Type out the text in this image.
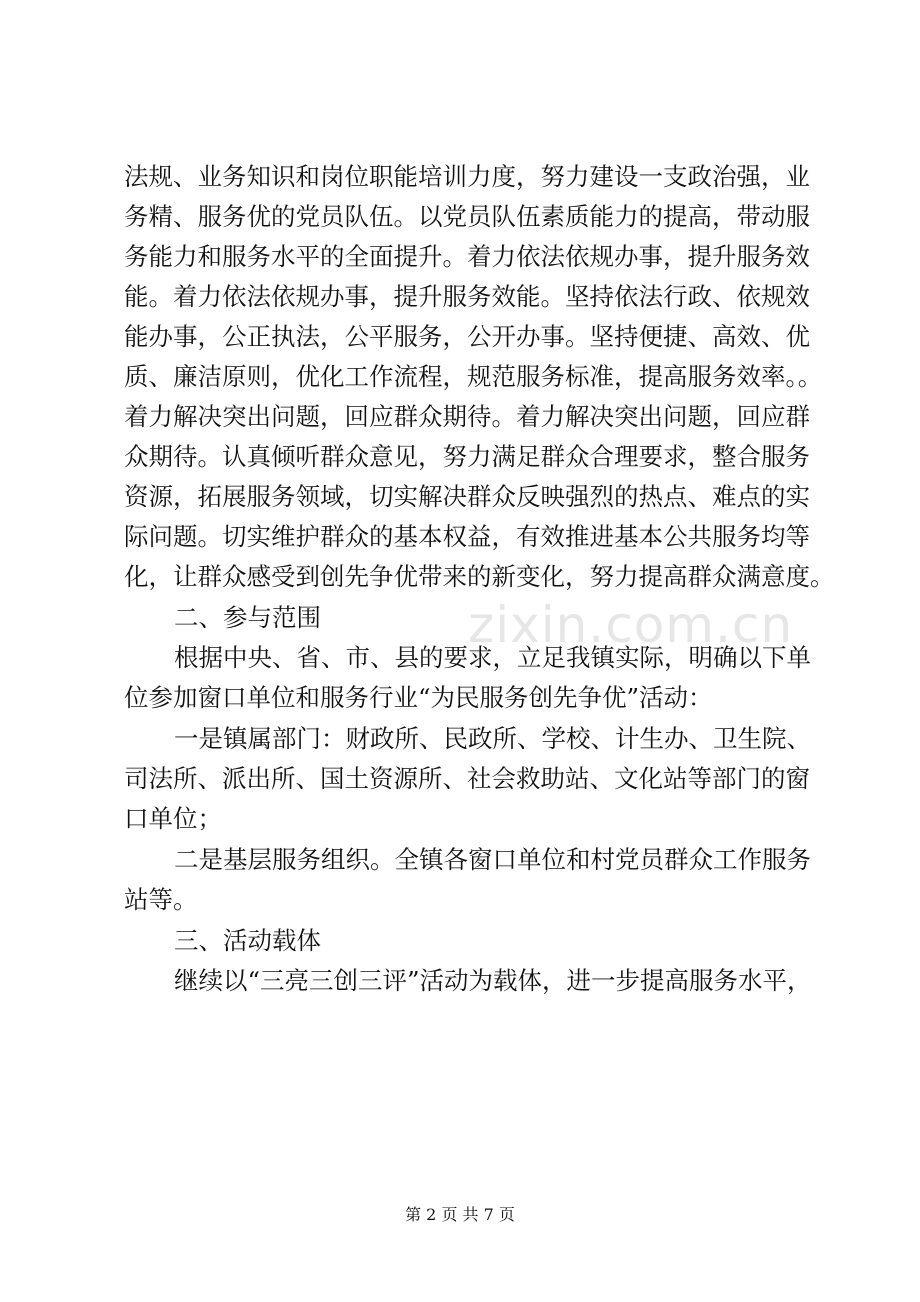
法规、业务知识和岗位职能培训力度，努力建设一支政治强，业
务精、服务优的党员队伍。以党员队伍素质能力的提高，带动服
务能力和服务水平的全面提升。着力依法依规办事，提升服务效
能。着力依法依规办事，提升服务效能。坚持依法行政、依规效
能办事，公正执法，公平服务，公开办事。坚持便捷、高效、优
质、廉洁原则，优化工作流程，规范服务标准，提高服务效率。。
着力解决突出问题，回应群众期待。着力解决突出问题，回应群
众期待。认真倾听群众意见，努力满足群众合理要求，整合服务
资源，拓展服务领域，切实解决群众反映强烈的热点、难点的实
际问题。切实维护群众的基本权益，有效推进基本公共服务均等
化，让群众感受到创先争优带来的新变化，努力提高群众满意度。
二、参与范围
根据中央、省、市、县的要求，立足我镇实际，明确以下单
位参加窗口单位和服务行业“为民服务创先争优”活动：
一是镇属部门：财政所、民政所、学校、计生办、卫生院、
司法所、派出所、国土资源所、社会救助站、文化站等部门的窗
口单位；
二是基层服务组织。全镇各窗口单位和村党员群众工作服务
站等。
三、活动载体
继续以“三亮三创三评”活动为载体，进一步提高服务水平，
zixin.com.cn
第 2 页 共 7 页
